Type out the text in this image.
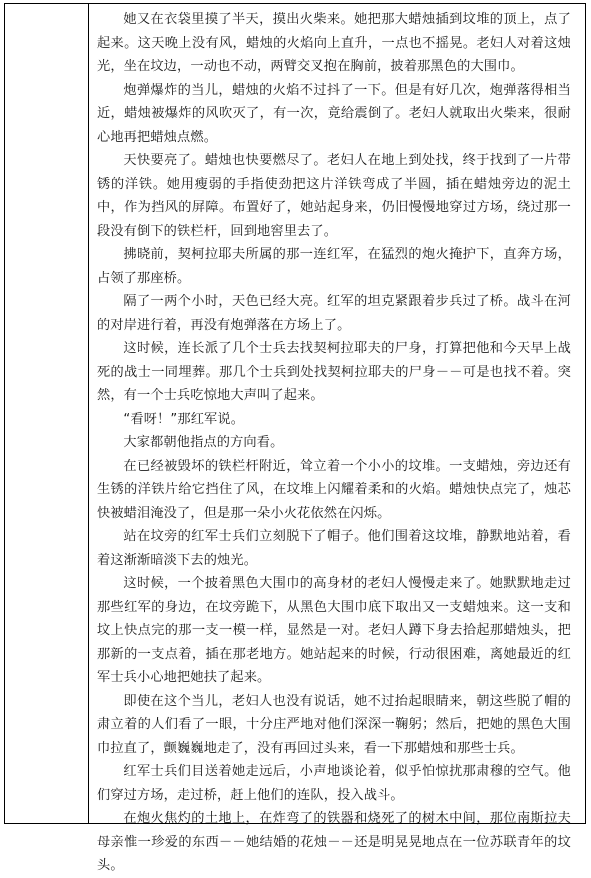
她又在衣袋里摸了半天，摸出火柴来。她把那大蜡烛插到坟堆的顶上，点了起来。这天晚上没有风，蜡烛的火焰向上直升，一点也不摇晃。老妇人对着这烛光，坐在坟边，一动也不动，两臂交叉抱在胸前，披着那黑色的大围巾。

炮弹爆炸的当儿，蜡烛的火焰不过抖了一下。但是有好几次，炮弹落得相当近，蜡烛被爆炸的风吹灭了，有一次，竟给震倒了。老妇人就取出火柴来，很耐心地再把蜡烛点燃。

天快要亮了。蜡烛也快要燃尽了。老妇人在地上到处找，终于找到了一片带锈的洋铁。她用瘦弱的手指使劲把这片洋铁弯成了半圆，插在蜡烛旁边的泥土中，作为挡风的屏障。布置好了，她站起身来，仍旧慢慢地穿过方场，绕过那一段没有倒下的铁栏杆，回到地窖里去了。

拂晓前，契柯拉耶夫所属的那一连红军，在猛烈的炮火掩护下，直奔方场，占领了那座桥。

隔了一两个小时，天色已经大亮。红军的坦克紧跟着步兵过了桥。战斗在河的对岸进行着，再没有炮弹落在方场上了。

这时候，连长派了几个士兵去找契柯拉耶夫的尸身，打算把他和今天早上战死的战士一同埋葬。那几个士兵到处找契柯拉耶夫的尸身－－可是也找不着。突然，有一个士兵吃惊地大声叫了起来。

“看呀！”那红军说。

大家都朝他指点的方向看。

在已经被毁坏的铁栏杆附近，耸立着一个小小的坟堆。一支蜡烛，旁边还有生锈的洋铁片给它挡住了风，在坟堆上闪耀着柔和的火焰。蜡烛快点完了，烛芯快被蜡泪淹没了，但是那一朵小火花依然在闪烁。

站在坟旁的红军士兵们立刻脱下了帽子。他们围着这坟堆，静默地站着，看着这渐渐暗淡下去的烛光。

这时候，一个披着黑色大围巾的高身材的老妇人慢慢走来了。她默默地走过那些红军的身边，在坟旁跪下，从黑色大围巾底下取出又一支蜡烛来。这一支和坟上快点完的那一支一模一样，显然是一对。老妇人蹲下身去拾起那蜡烛头，把那新的一支点着，插在那老地方。她站起来的时候，行动很困难，离她最近的红军士兵小心地把她扶了起来。

即使在这个当儿，老妇人也没有说话，她不过抬起眼睛来，朝这些脱了帽的肃立着的人们看了一眼，十分庄严地对他们深深一鞠躬；然后，把她的黑色大围巾拉直了，颤巍巍地走了，没有再回过头来，看一下那蜡烛和那些士兵。

红军士兵们目送着她走远后，小声地谈论着，似乎怕惊扰那肃穆的空气。他们穿过方场，走过桥，赶上他们的连队，投入战斗。

在炮火焦灼的土地上，在炸弯了的铁器和烧死了的树木中间，那位南斯拉夫母亲惟一珍爱的东西－－她结婚的花烛－－还是明晃晃地点在一位苏联青年的坟头。
